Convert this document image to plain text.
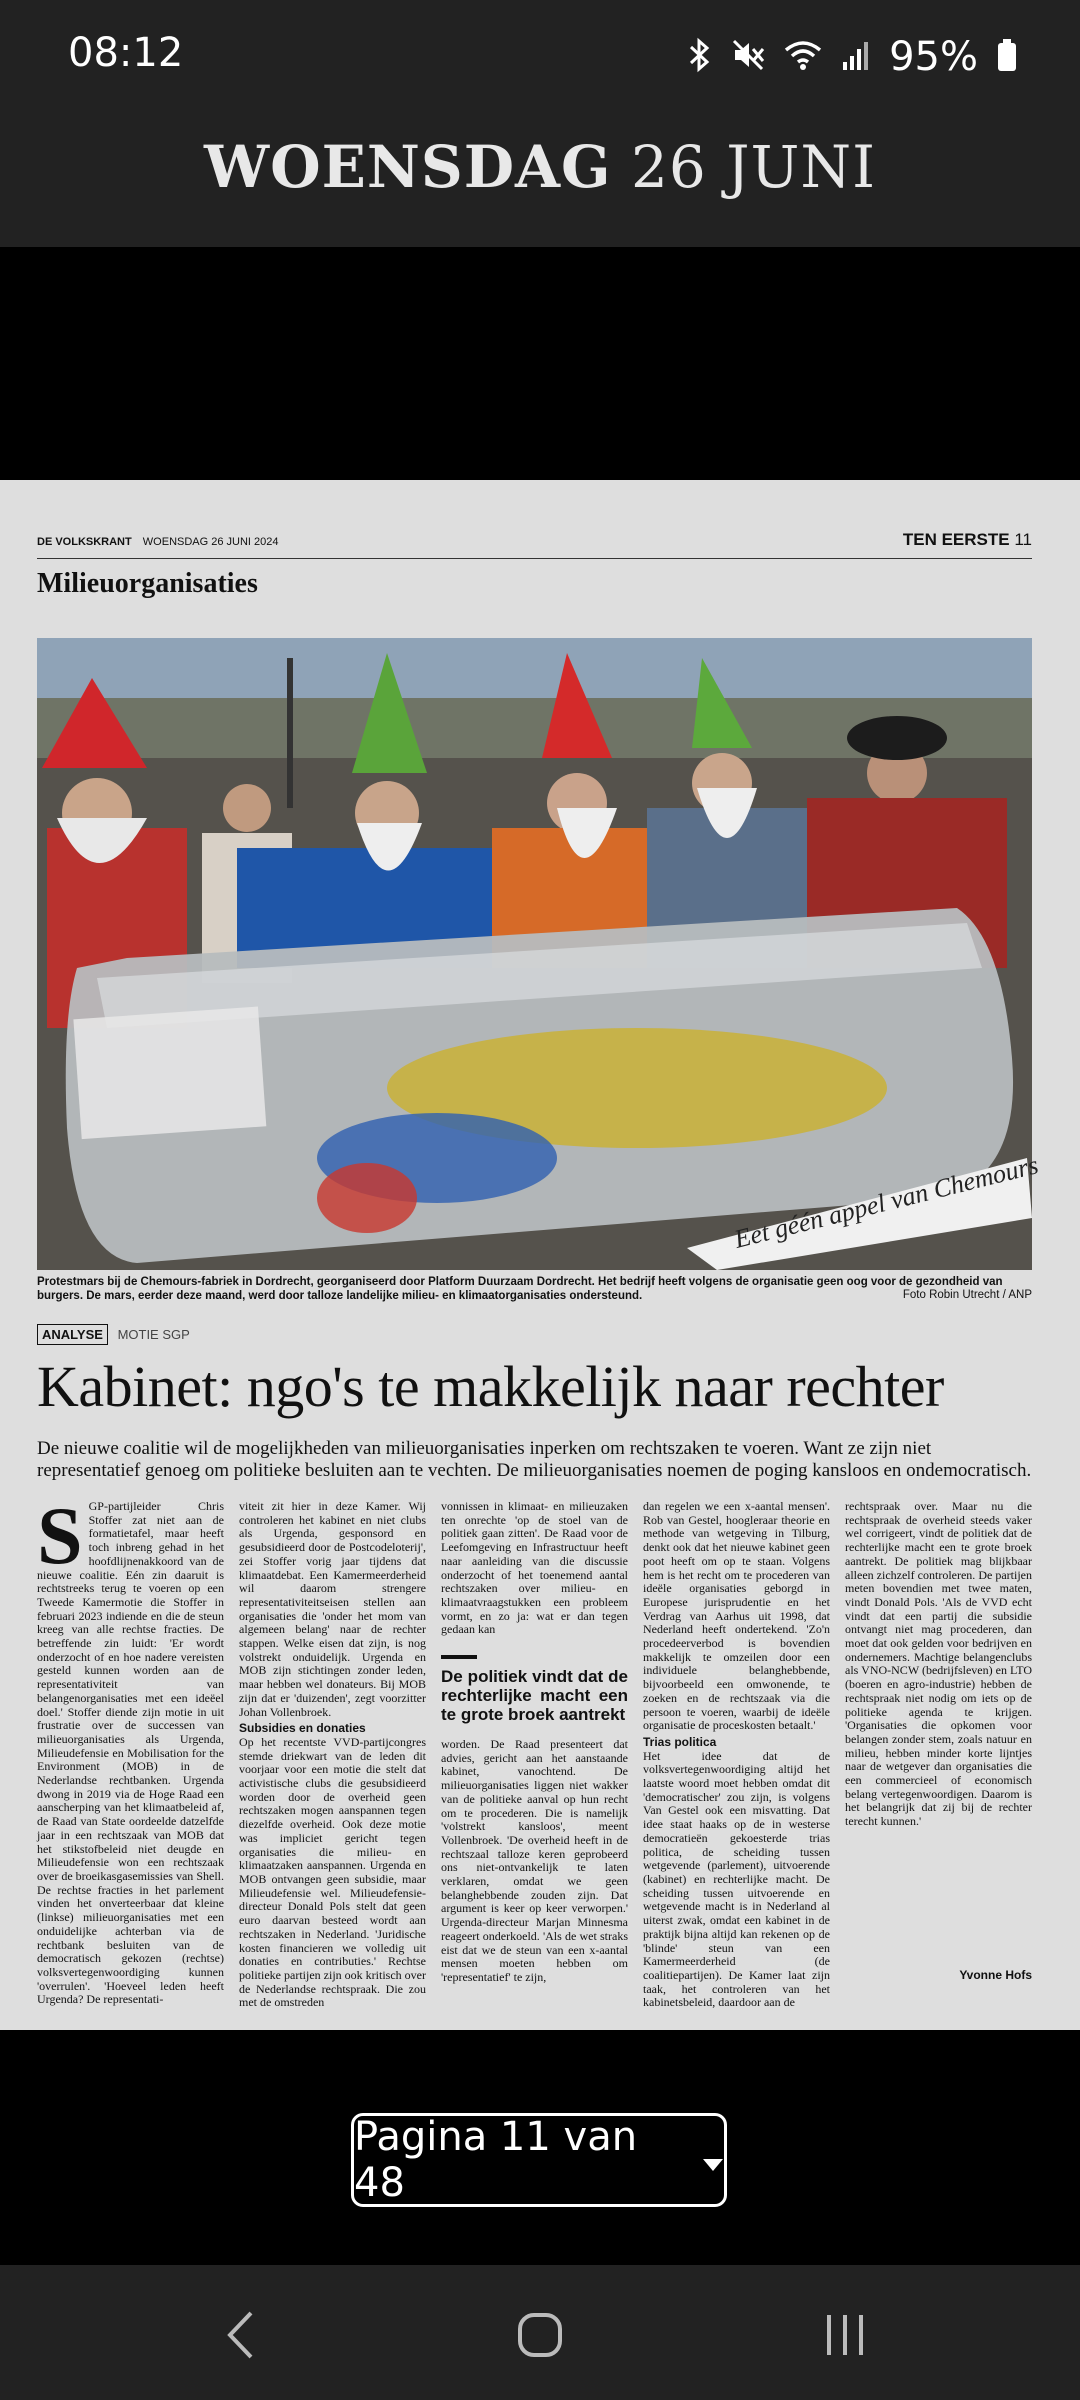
08:12	95%
WOENSDAG 26 JUNI
DE VOLKSKRANT WOENSDAG 26 JUNI 2024	TEN EERSTE 11
Milieuorganisaties
Eet géén appel van Chemours
Protestmars bij de Chemours-fabriek in Dordrecht, georganiseerd door Platform Duurzaam Dordrecht. Het bedrijf heeft volgens de organisatie geen oog voor de gezondheid van burgers. De mars, eerder deze maand, werd door talloze landelijke milieu- en klimaatorganisaties ondersteund.	Foto Robin Utrecht / ANP
ANALYSE MOTIE SGP
Kabinet: ngo's te makkelijk naar rechter
De nieuwe coalitie wil de mogelijkheden van milieuorganisaties inperken om rechtszaken te voeren. Want ze zijn niet representatief genoeg om politieke besluiten aan te vechten. De milieuorganisaties noemen de poging kansloos en ondemocratisch.
S GP-partijleider Chris Stoffer zat niet aan de formatietafel, maar heeft toch inbreng gehad in het hoofdlijnenakkoord van de nieuwe coalitie. Eén zin daaruit is rechtstreeks terug te voeren op een Tweede Kamermotie die Stoffer in februari 2023 indiende en die de steun kreeg van alle rechtse fracties. De betreffende zin luidt: 'Er wordt onderzocht of en hoe nadere vereisten gesteld kunnen worden aan de representativiteit van belangenorganisaties met een ideëel doel.' Stoffer diende zijn motie in uit frustratie over de successen van milieuorganisaties als Urgenda, Milieudefensie en Mobilisation for the Environment (MOB) in de Nederlandse rechtbanken. Urgenda dwong in 2019 via de Hoge Raad een aanscherping van het klimaatbeleid af, de Raad van State oordeelde datzelfde jaar in een rechtszaak van MOB dat het stikstofbeleid niet deugde en Milieudefensie won een rechtszaak over de broeikasgasemissies van Shell. De rechtse fracties in het parlement vinden het onverteerbaar dat kleine (linkse) milieuorganisaties met een onduidelijke achterban via de rechtbank besluiten van de democratisch gekozen (rechtse) volksvertegenwoordiging kunnen 'overrulen'. 'Hoeveel leden heeft Urgenda? De representati-

viteit zit hier in deze Kamer. Wij controleren het kabinet en niet clubs als Urgenda, gesponsord en gesubsidieerd door de Postcodeloterij', zei Stoffer vorig jaar tijdens dat klimaatdebat. Een Kamermeerderheid wil daarom strengere representativiteitseisen stellen aan organisaties die 'onder het mom van algemeen belang' naar de rechter stappen. Welke eisen dat zijn, is nog volstrekt onduidelijk. Urgenda en MOB zijn stichtingen zonder leden, maar hebben wel donateurs. Bij MOB zijn dat er 'duizenden', zegt voorzitter Johan Vollenbroek.

Subsidies en donaties

Op het recentste VVD-partijcongres stemde driekwart van de leden dit voorjaar voor een motie die stelt dat activistische clubs die gesubsidieerd worden door de overheid geen rechtszaken mogen aanspannen tegen diezelfde overheid. Ook deze motie was impliciet gericht tegen organisaties die milieu- en klimaatzaken aanspannen. Urgenda en MOB ontvangen geen subsidie, maar Milieudefensie wel. Milieudefensie-directeur Donald Pols stelt dat geen euro daarvan besteed wordt aan rechtszaken in Nederland. 'Juridische kosten financieren we volledig uit donaties en contributies.' Rechtse politieke partijen zijn ook kritisch over de Nederlandse rechtspraak. Die zou met de omstreden

vonnissen in klimaat- en milieuzaken ten onrechte 'op de stoel van de politiek gaan zitten'. De Raad voor de Leefomgeving en Infrastructuur heeft naar aanleiding van die discussie onderzocht of het toenemend aantal rechtszaken over milieu- en klimaatvraagstukken een probleem vormt, en zo ja: wat er dan tegen gedaan kan

De politiek vindt dat de rechterlijke macht een te grote broek aantrekt

worden. De Raad presenteert dat advies, gericht aan het aanstaande kabinet, vanochtend. De milieuorganisaties liggen niet wakker van de politieke aanval op hun recht om te procederen. Die is namelijk 'volstrekt kansloos', meent Vollenbroek. 'De overheid heeft in de rechtszaal talloze keren geprobeerd ons niet-ontvankelijk te laten verklaren, omdat we geen belanghebbende zouden zijn. Dat argument is keer op keer verworpen.' Urgenda-directeur Marjan Minnesma reageert onderkoeld. 'Als de wet straks eist dat we de steun van een x-aantal mensen moeten hebben om 'representatief' te zijn,

dan regelen we een x-aantal mensen'. Rob van Gestel, hoogleraar theorie en methode van wetgeving in Tilburg, denkt ook dat het nieuwe kabinet geen poot heeft om op te staan. Volgens hem is het recht om te procederen van ideële organisaties geborgd in Europese jurisprudentie en het Verdrag van Aarhus uit 1998, dat Nederland heeft ondertekend. 'Zo'n procedeerverbod is bovendien makkelijk te omzeilen door een individuele belanghebbende, bijvoorbeeld een omwonende, te zoeken en de rechtszaak via die persoon te voeren, waarbij de ideële organisatie de proceskosten betaalt.'

Trias politica

Het idee dat de volksvertegenwoordiging altijd het laatste woord moet hebben omdat dit 'democratischer' zou zijn, is volgens Van Gestel ook een misvatting. Dat idee staat haaks op de in westerse democratieën gekoesterde trias politica, de scheiding tussen wetgevende (parlement), uitvoerende (kabinet) en rechterlijke macht. De scheiding tussen uitvoerende en wetgevende macht is in Nederland al uiterst zwak, omdat een kabinet in de praktijk bijna altijd kan rekenen op de 'blinde' steun van een Kamermeerderheid (de coalitiepartijen). De Kamer laat zijn taak, het controleren van het kabinetsbeleid, daardoor aan de

rechtspraak over. Maar nu die rechtspraak de overheid steeds vaker wel corrigeert, vindt de politiek dat de rechterlijke macht een te grote broek aantrekt. De politiek mag blijkbaar alleen zichzelf controleren. De partijen meten bovendien met twee maten, vindt Donald Pols. 'Als de VVD echt vindt dat een partij die subsidie ontvangt niet mag procederen, dan moet dat ook gelden voor bedrijven en ondernemers. Machtige belangenclubs als VNO-NCW (bedrijfsleven) en LTO (boeren en agro-industrie) hebben de rechtspraak niet nodig om iets op de politieke agenda te krijgen. 'Organisaties die opkomen voor belangen zonder stem, zoals natuur en milieu, hebben minder korte lijntjes naar de wetgever dan organisaties die een commercieel of economisch belang vertegenwoordigen. Daarom is het belangrijk dat zij bij de rechter terecht kunnen.'

Yvonne Hofs
Pagina 11 van 48
